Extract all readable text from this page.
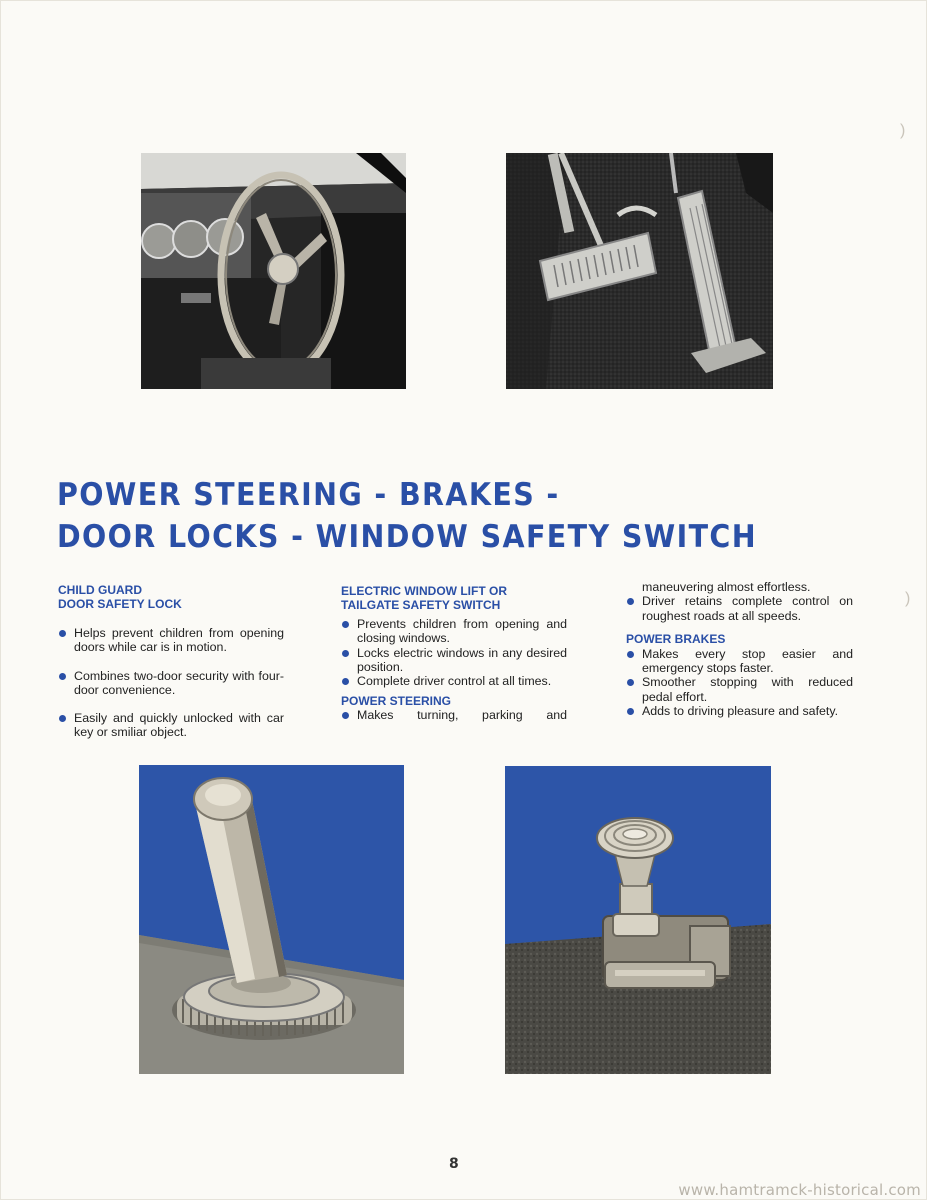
POWER STEERING - BRAKES -
DOOR LOCKS - WINDOW SAFETY SWITCH
CHILD GUARD
DOOR SAFETY LOCK
Helps prevent children from opening doors while car is in motion.
Combines two-door security with four-door convenience.
Easily and quickly unlocked with car key or smiliar object.
ELECTRIC WINDOW LIFT OR
TAILGATE SAFETY SWITCH
Prevents children from opening and closing windows.
Locks electric windows in any desired position.
Complete driver control at all times.
POWER STEERING
Makes turning, parking and
maneuvering almost effortless.
Driver retains complete control on roughest roads at all speeds.
POWER BRAKES
Makes every stop easier and emergency stops faster.
Smoother stopping with reduced pedal effort.
Adds to driving pleasure and safety.
8
www.hamtramck-historical.com
)
)
